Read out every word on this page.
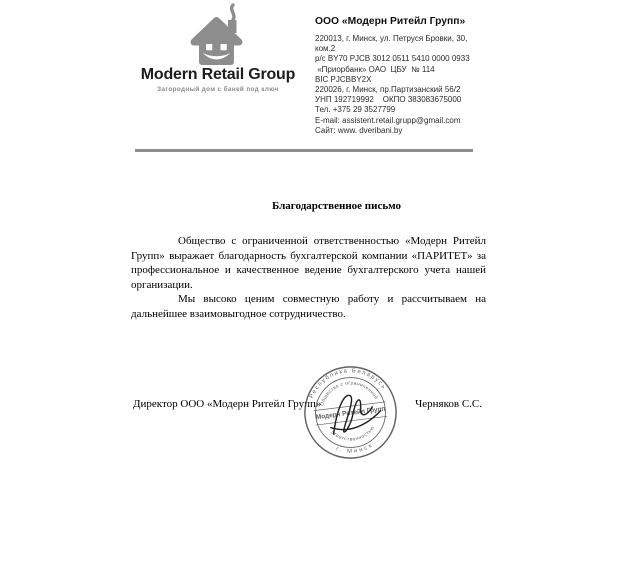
Modern Retail Group
Загородный дом с баней под ключ
ООО «Модерн Ритейл Групп»
220013, г. Минск, ул. Петруся Бровки, 30,
ком.2
р/с BY70 PJCB 3012 0511 5410 0000 0933
«Приорбанк» ОАО  ЦБУ  № 114
BIC PJCBBY2X
220026, г. Минск, пр.Партизанский 56/2
УНП 192719992    ОКПО 383083675000
Тел. +375 29 3527799
E-mail: assistent.retail.grupp@gmail.com
Сайт: www. dveribani.by
Благодарственное письмо

Общество с ограниченной ответственностью «Модерн Ритейл Групп» выражает благодарность бухгалтерской компании «ПАРИТЕТ» за профессиональное и качественное ведение бухгалтерского учета нашей организации.

Мы высоко ценим совместную работу и рассчитываем на дальнейшее взаимовыгодное сотрудничество.

Директор ООО «Модерн Ритейл Групп»	Черняков С.С.
Республика Беларусь
г. Минск
Общество с ограниченной
ответственностью
Модерн Ритейл Групп
